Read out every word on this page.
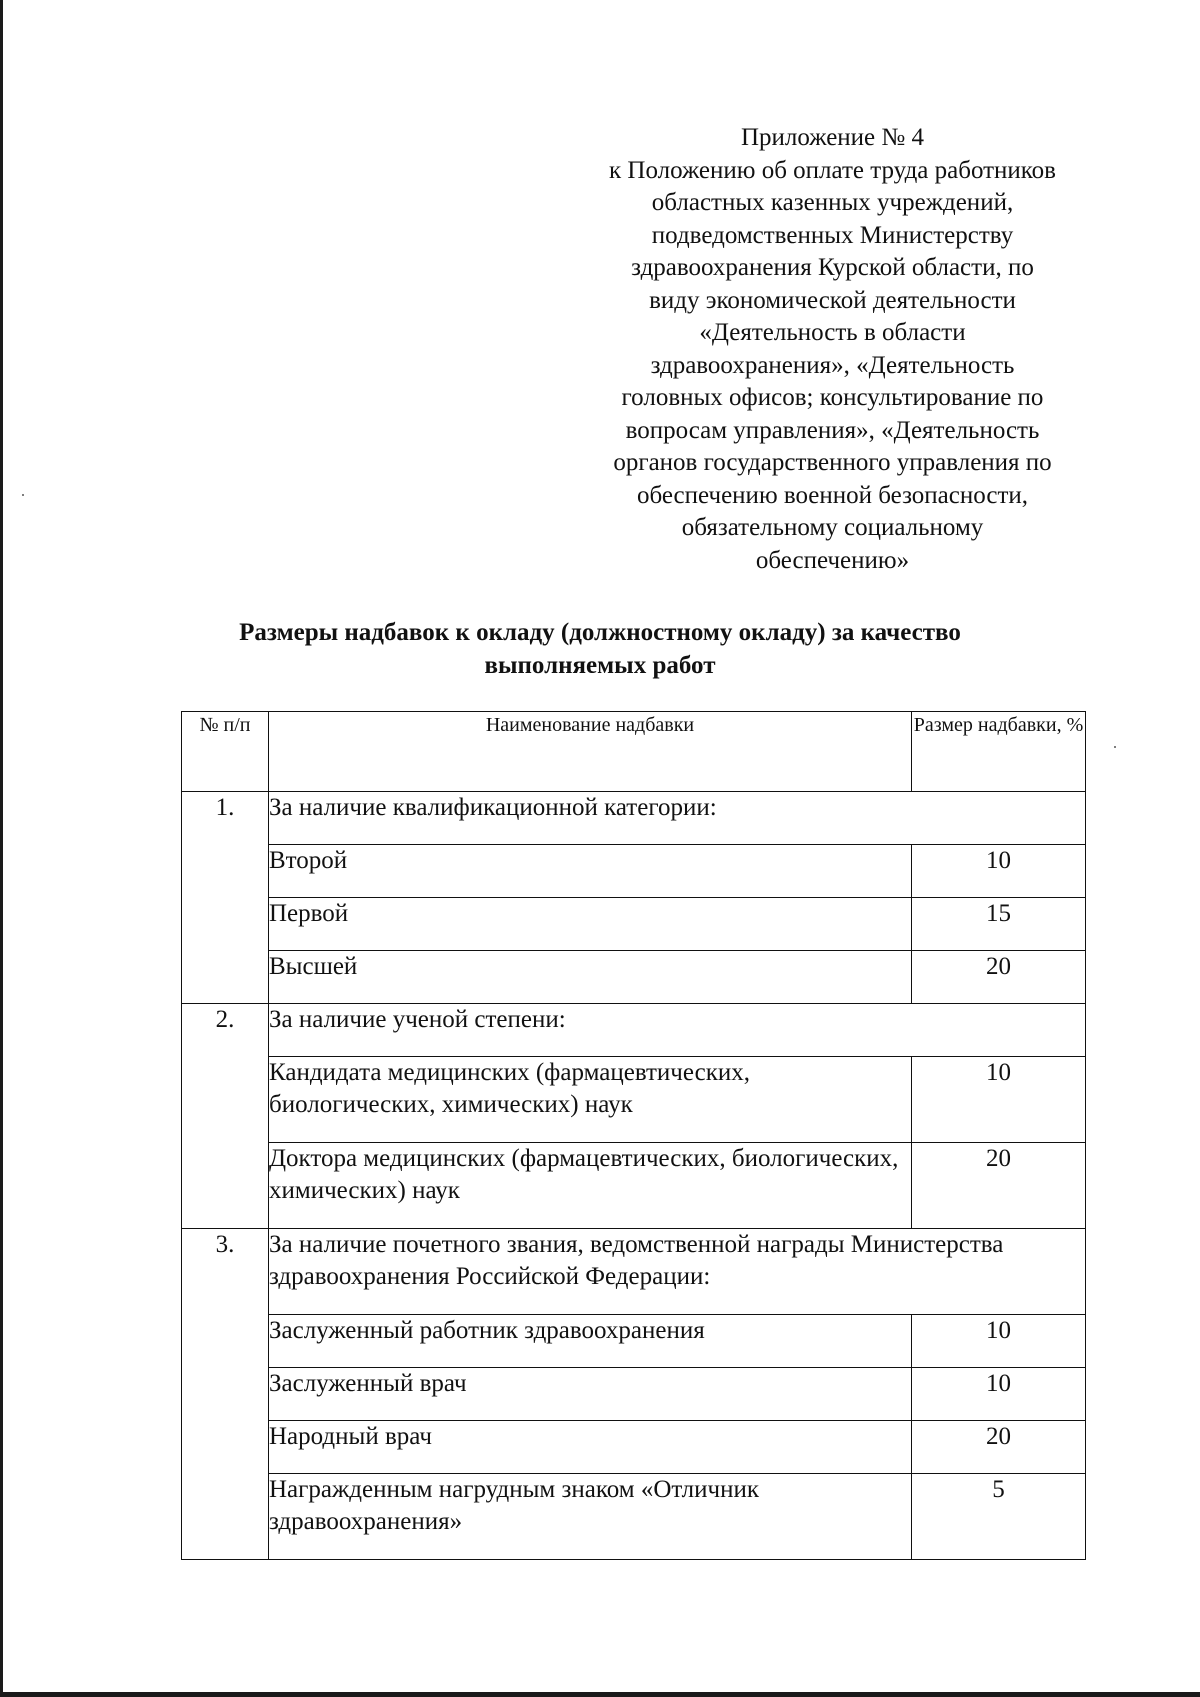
Приложение № 4
к Положению об оплате труда работников
областных казенных учреждений,
подведомственных Министерству
здравоохранения Курской области, по
виду экономической деятельности
«Деятельность в области
здравоохранения», «Деятельность
головных офисов; консультирование по
вопросам управления», «Деятельность
органов государственного управления по
обеспечению военной безопасности,
обязательному социальному
обеспечению»
Размеры надбавок к окладу (должностному окладу) за качество
выполняемых работ
№ п/п	Наименование надбавки	Размер надбавки, %
1.	За наличие квалификационной категории:	
	Второй	10
	Первой	15
	Высшей	20
2.	За наличие ученой степени:	
	Кандидата медицинских (фармацевтических, биологических, химических) наук	10
	Доктора медицинских (фармацевтических, биологических, химических) наук	20
3.	За наличие почетного звания, ведомственной награды Министерства здравоохранения Российской Федерации:	
	Заслуженный работник здравоохранения	10
	Заслуженный врач	10
	Народный врач	20
	Награжденным нагрудным знаком «Отличник здравоохранения»	5
